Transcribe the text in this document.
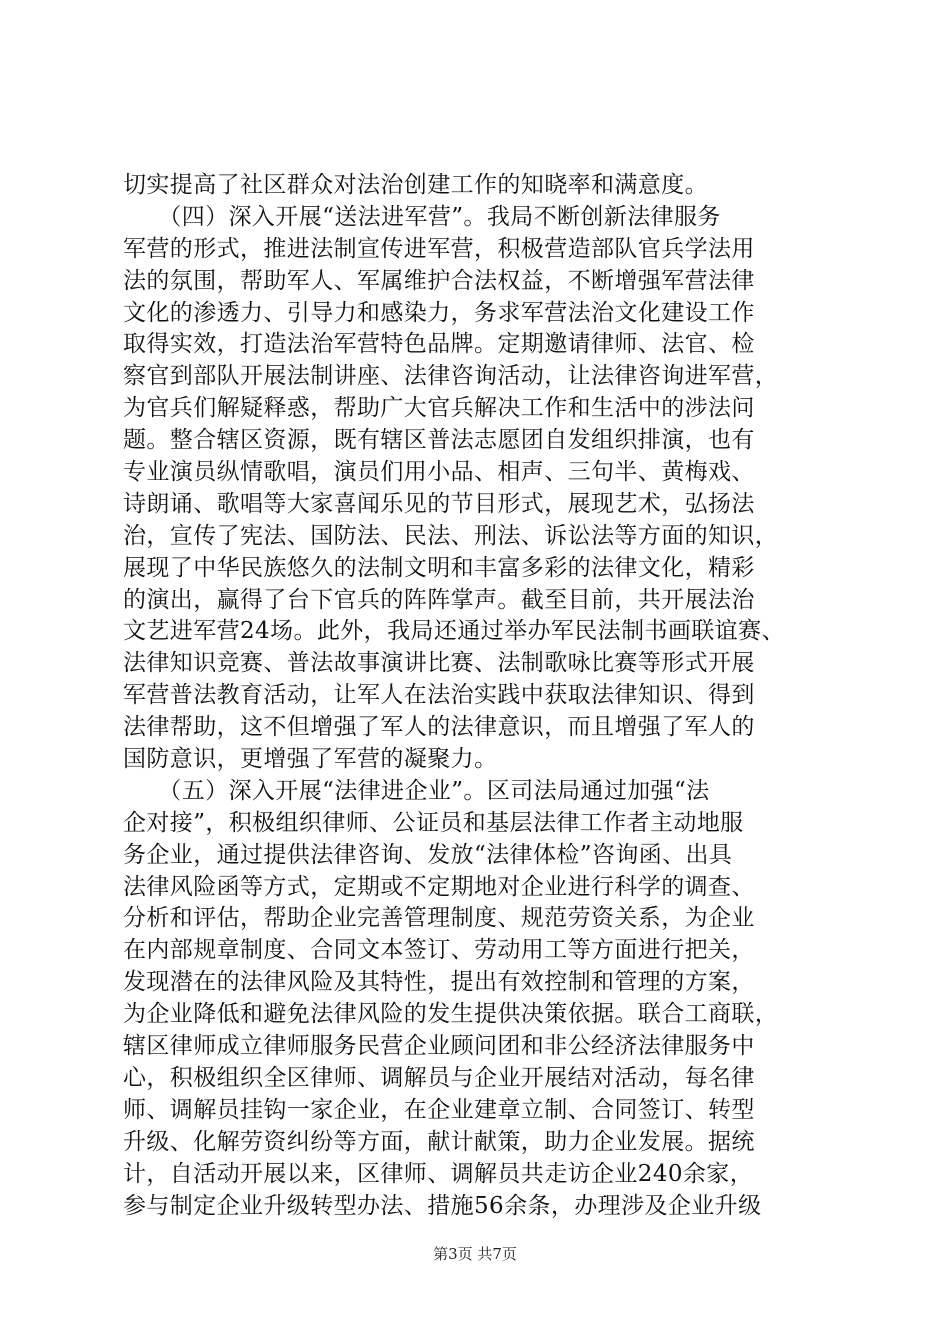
切实提高了社区群众对法治创建工作的知晓率和满意度。
　　（四）深入开展“送法进军营”。我局不断创新法律服务
军营的形式，推进法制宣传进军营，积极营造部队官兵学法用
法的氛围，帮助军人、军属维护合法权益，不断增强军营法律
文化的渗透力、引导力和感染力，务求军营法治文化建设工作
取得实效，打造法治军营特色品牌。定期邀请律师、法官、检
察官到部队开展法制讲座、法律咨询活动，让法律咨询进军营，
为官兵们解疑释惑，帮助广大官兵解决工作和生活中的涉法问
题。整合辖区资源，既有辖区普法志愿团自发组织排演，也有
专业演员纵情歌唱，演员们用小品、相声、三句半、黄梅戏、
诗朗诵、歌唱等大家喜闻乐见的节目形式，展现艺术，弘扬法
治，宣传了宪法、国防法、民法、刑法、诉讼法等方面的知识，
展现了中华民族悠久的法制文明和丰富多彩的法律文化，精彩
的演出，赢得了台下官兵的阵阵掌声。截至目前，共开展法治
文艺进军营24场。此外，我局还通过举办军民法制书画联谊赛、
法律知识竞赛、普法故事演讲比赛、法制歌咏比赛等形式开展
军营普法教育活动，让军人在法治实践中获取法律知识、得到
法律帮助，这不但增强了军人的法律意识，而且增强了军人的
国防意识，更增强了军营的凝聚力。
　　（五）深入开展“法律进企业”。区司法局通过加强“法
企对接”，积极组织律师、公证员和基层法律工作者主动地服
务企业，通过提供法律咨询、发放“法律体检”咨询函、出具
法律风险函等方式，定期或不定期地对企业进行科学的调查、
分析和评估，帮助企业完善管理制度、规范劳资关系，为企业
在内部规章制度、合同文本签订、劳动用工等方面进行把关，
发现潜在的法律风险及其特性，提出有效控制和管理的方案，
为企业降低和避免法律风险的发生提供决策依据。联合工商联，
辖区律师成立律师服务民营企业顾问团和非公经济法律服务中
心，积极组织全区律师、调解员与企业开展结对活动，每名律
师、调解员挂钩一家企业，在企业建章立制、合同签订、转型
升级、化解劳资纠纷等方面，献计献策，助力企业发展。据统
计，自活动开展以来，区律师、调解员共走访企业240余家，
参与制定企业升级转型办法、措施56余条，办理涉及企业升级
第3页 共7页
